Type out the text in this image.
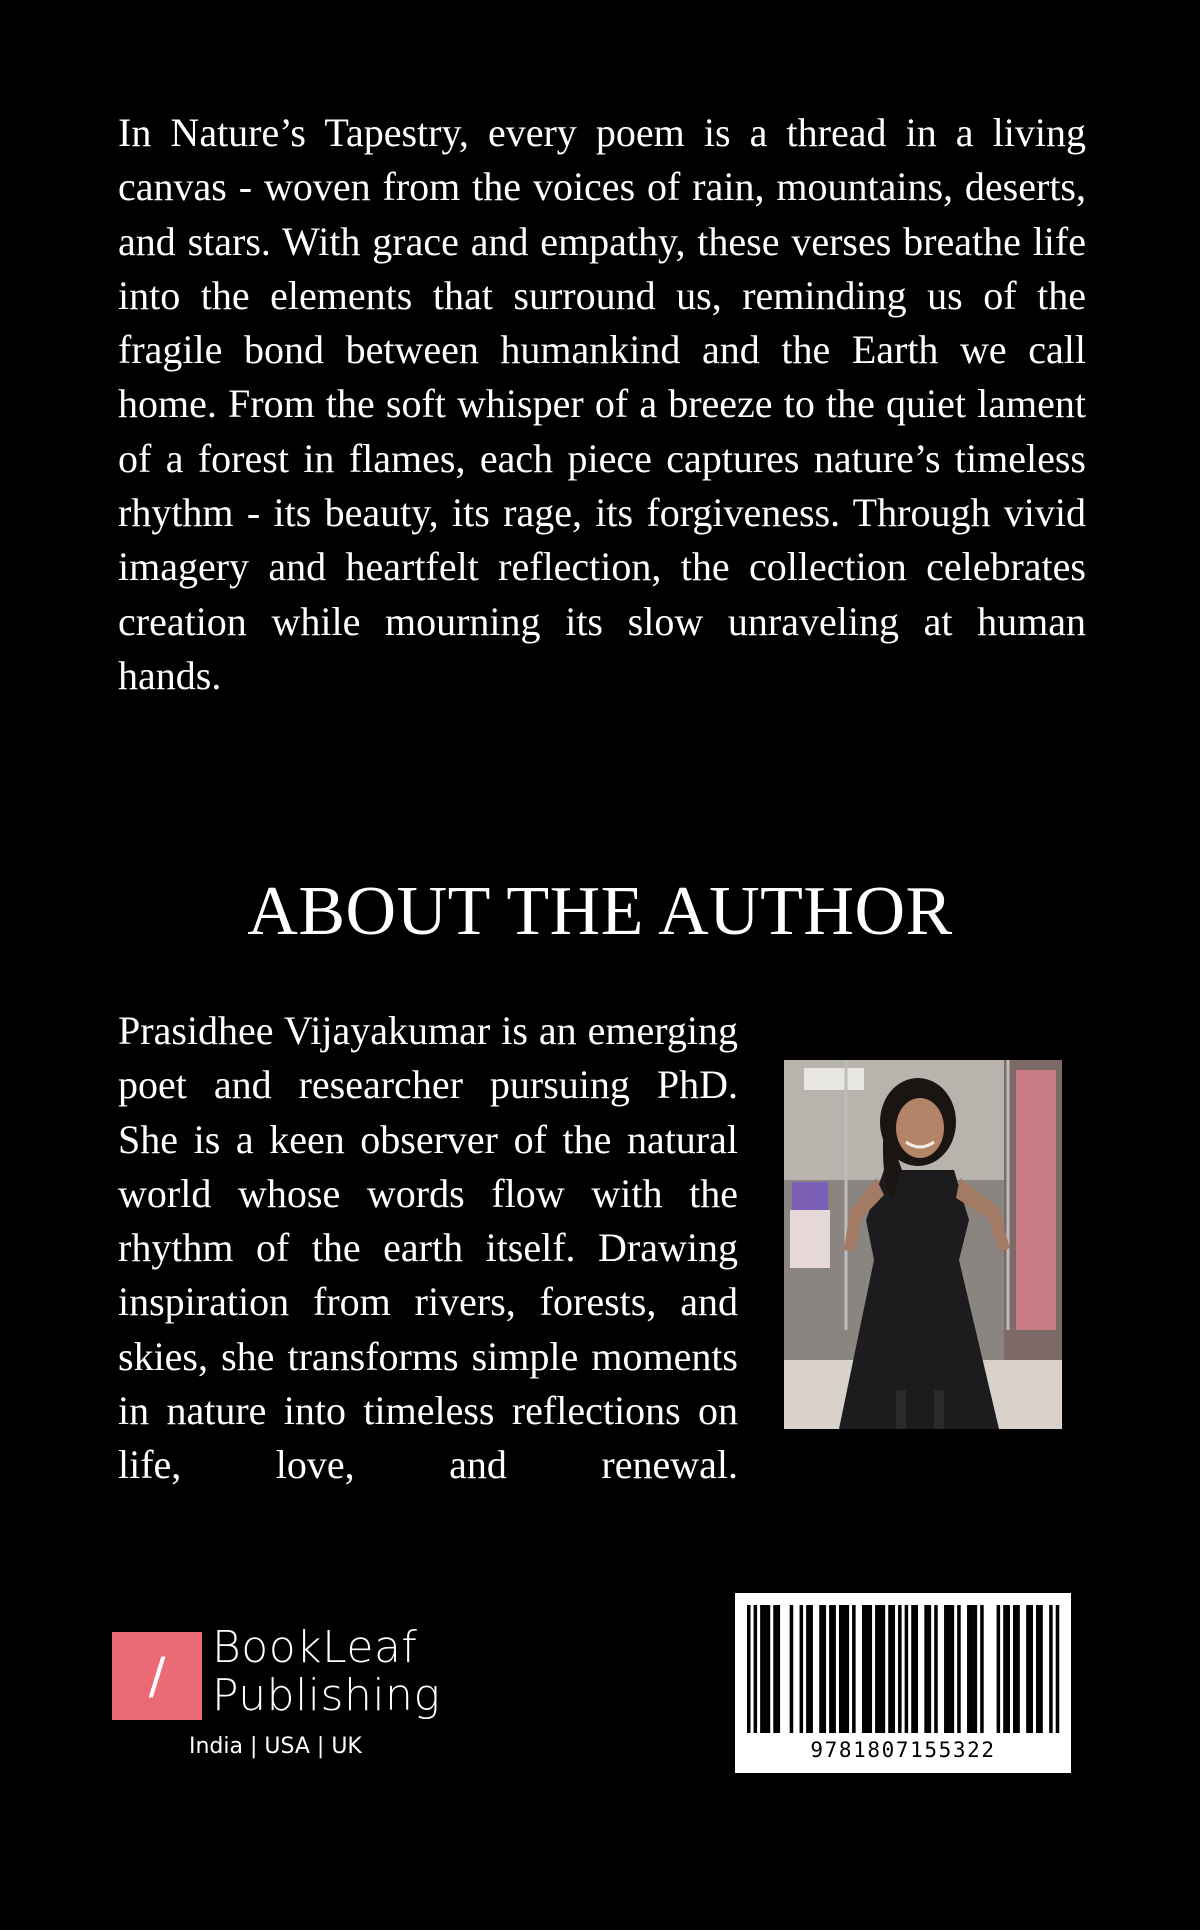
In Nature’s Tapestry, every poem is a thread in a living canvas - woven from the voices of rain, mountains, deserts, and stars. With grace and empathy, these verses breathe life into the elements that surround us, reminding us of the fragile bond between humankind and the Earth we call home. From the soft whisper of a breeze to the quiet lament of a forest in flames, each piece captures nature’s timeless rhythm - its beauty, its rage, its forgiveness. Through vivid imagery and heartfelt reflection, the collection celebrates creation while mourning its slow unraveling at human hands.

ABOUT THE AUTHOR

Prasidhee Vijayakumar is an emerging poet and researcher pursuing PhD. She is a keen observer of the natural world whose words flow with the rhythm of the earth itself. Drawing inspiration from rivers, forests, and skies, she transforms simple moments in nature into timeless reflections on life, love, and renewal.

/	BookLeaf
Publishing
India | USA | UK	9781807155322
